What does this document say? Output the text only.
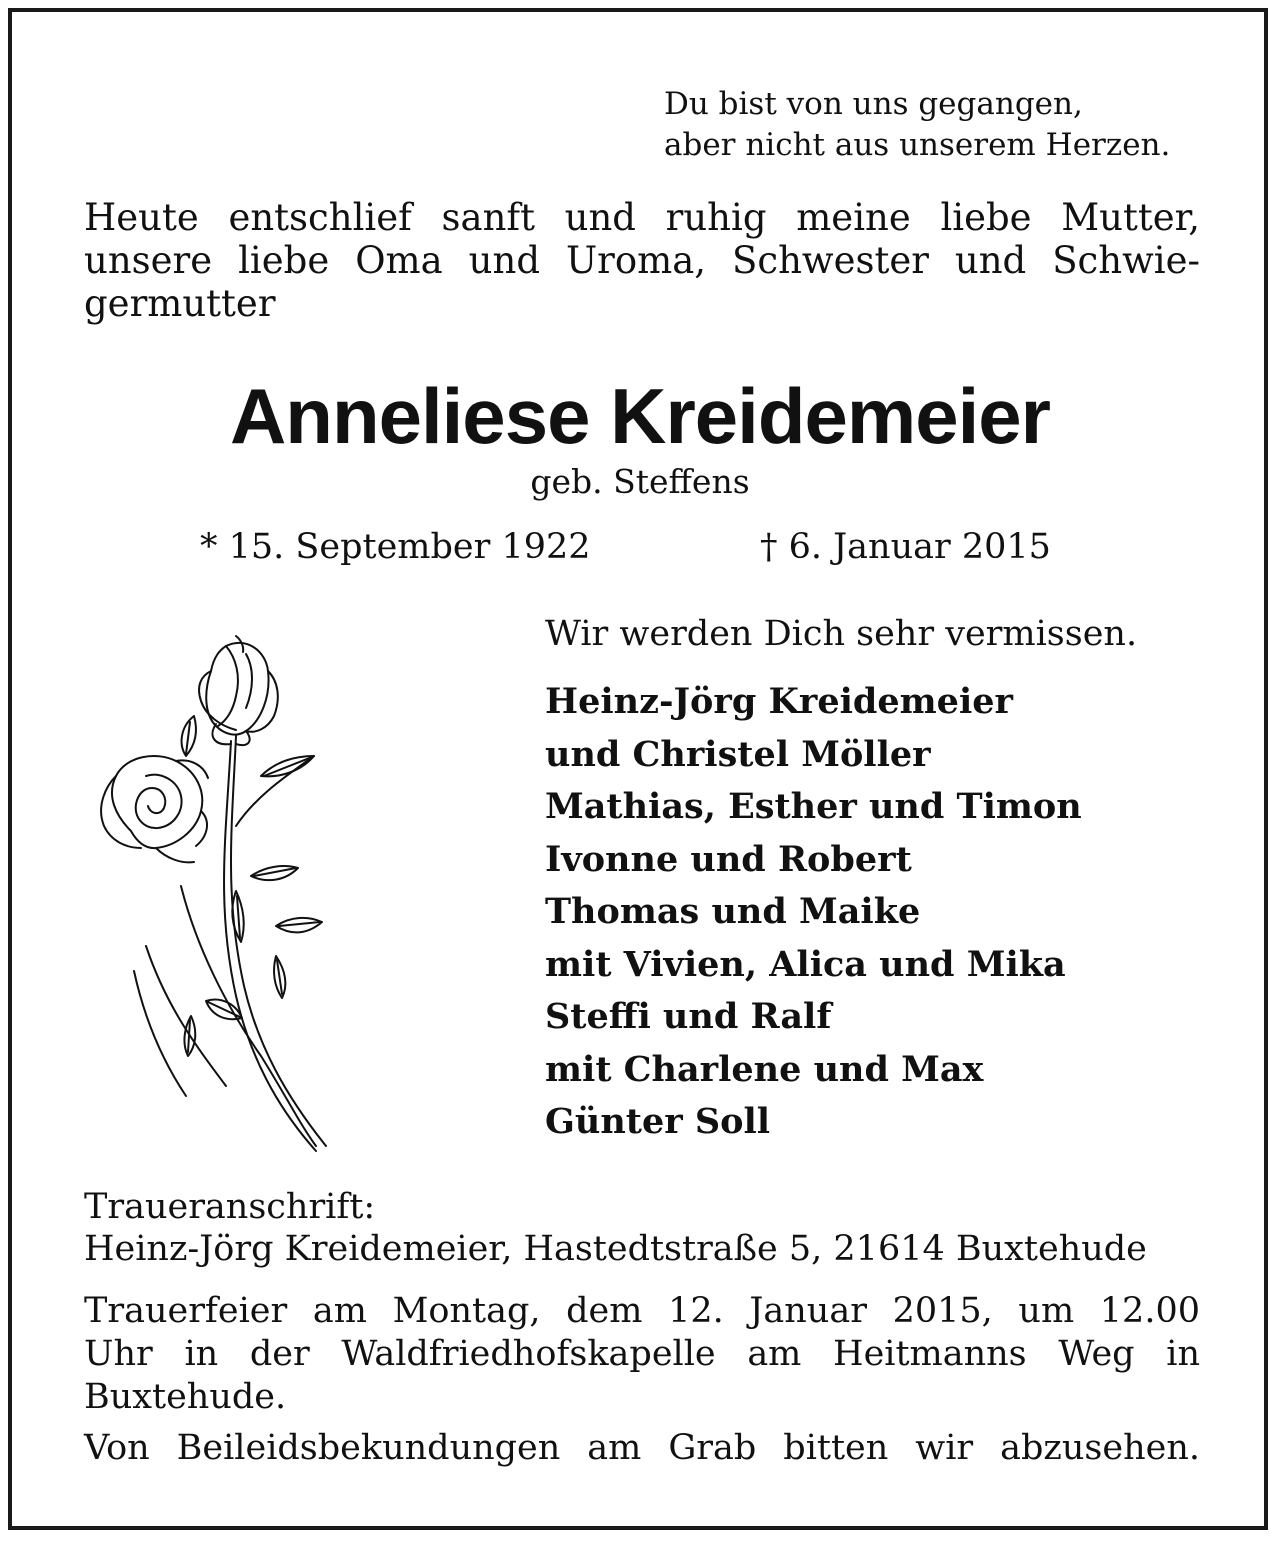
Du bist von uns gegangen,
aber nicht aus unserem Herzen.
Heute entschlief sanft und ruhig meine liebe Mutter,
unsere liebe Oma und Uroma, Schwester und Schwie-
germutter
Anneliese Kreidemeier
geb. Steffens
* 15. September 1922	† 6. Januar 2015
Wir werden Dich sehr vermissen.
Heinz-Jörg Kreidemeier
und Christel Möller
Mathias, Esther und Timon
Ivonne und Robert
Thomas und Maike
mit Vivien, Alica und Mika
Steffi und Ralf
mit Charlene und Max
Günter Soll
Traueranschrift:
Heinz-Jörg Kreidemeier, Hastedtstraße 5, 21614 Buxtehude
Trauerfeier am Montag, dem 12. Januar 2015, um 12.00
Uhr in der Waldfriedhofskapelle am Heitmanns Weg in
Buxtehude.
Von Beileidsbekundungen am Grab bitten wir abzusehen.
